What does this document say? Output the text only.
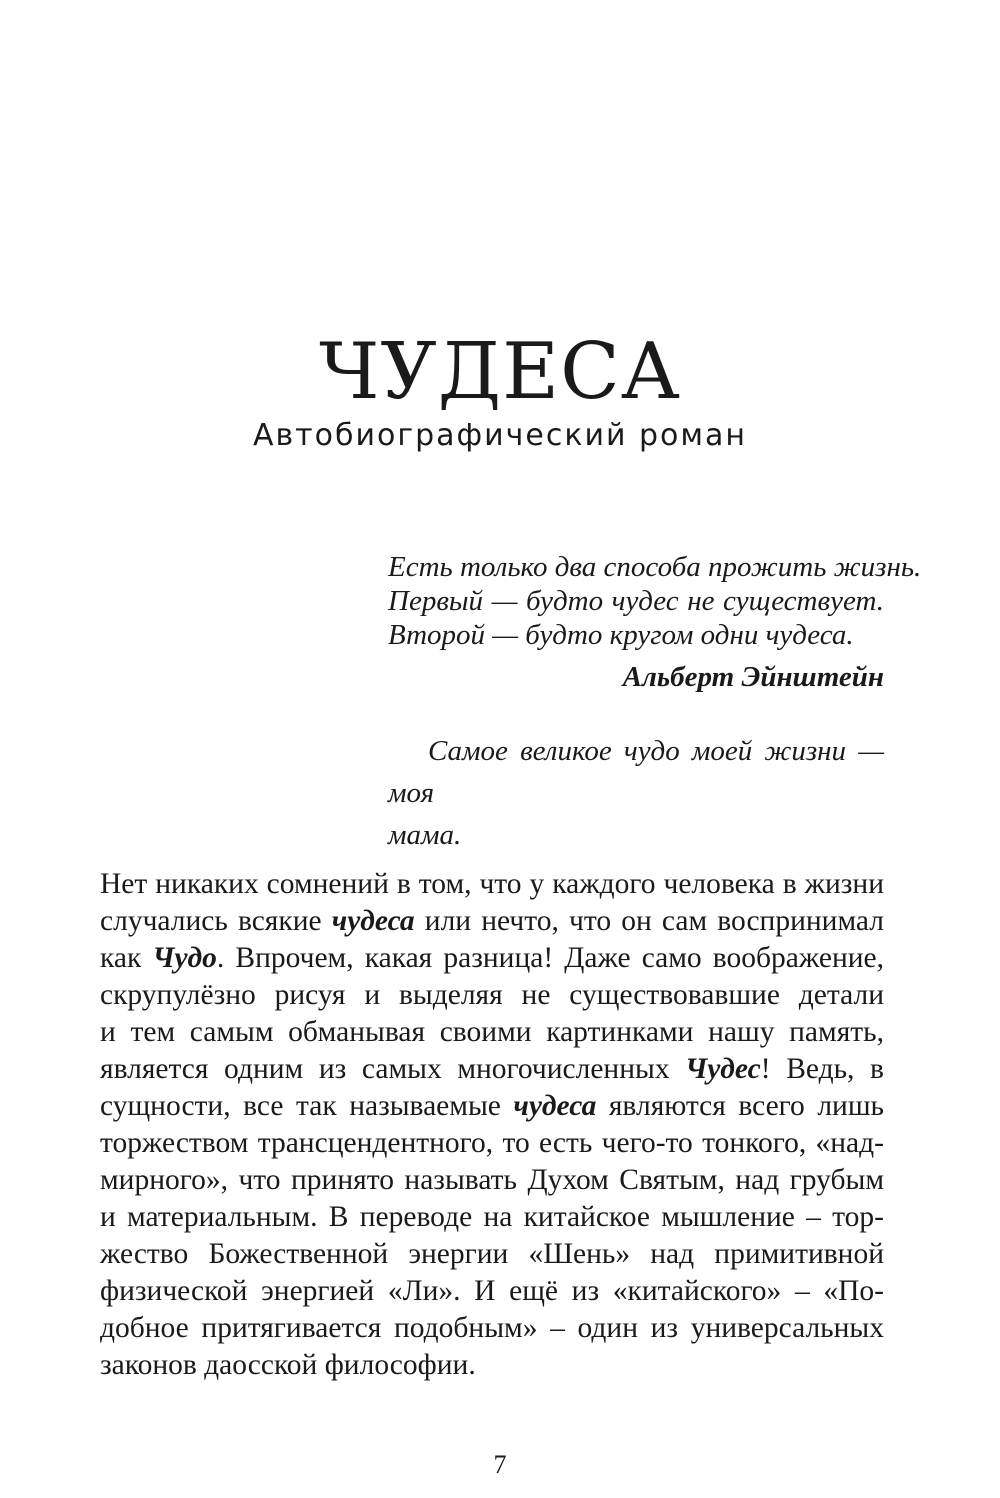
ЧУДЕСА
Автобиографический роман
Есть только два способа прожить жизнь.
Первый — будто чудес не существует.
Второй — будто кругом одни чудеса.
Альберт Эйнштейн
Самое великое чудо моей жизни — моя
мама.
Нет никаких сомнений в том, что у каждого человека в жизни
случались всякие чудеса или нечто, что он сам воспринимал
как Чудо. Впрочем, какая разница! Даже само воображение,
скрупулёзно рисуя и выделяя не существовавшие детали
и тем самым обманывая своими картинками нашу память,
является одним из самых многочисленных Чудес! Ведь, в
сущности, все так называемые чудеса являются всего лишь
торжеством трансцендентного, то есть чего-то тонкого, «над-
мирного», что принято называть Духом Святым, над грубым
и материальным. В переводе на китайское мышление – тор-
жество Божественной энергии «Шень» над примитивной
физической энергией «Ли». И ещё из «китайского» – «По-
добное притягивается подобным» – один из универсальных
законов даосской философии.
7
